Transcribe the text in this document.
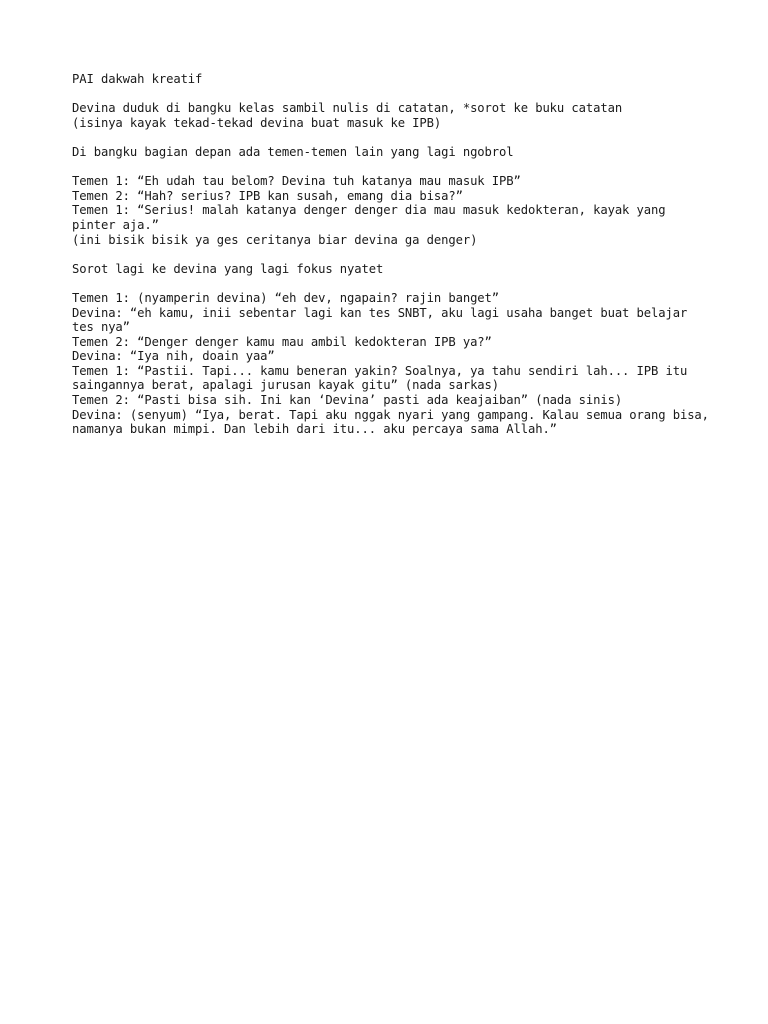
PAI dakwah kreatif
Devina duduk di bangku kelas sambil nulis di catatan, *sorot ke buku catatan
(isinya kayak tekad-tekad devina buat masuk ke IPB)
Di bangku bagian depan ada temen-temen lain yang lagi ngobrol
Temen 1: “Eh udah tau belom? Devina tuh katanya mau masuk IPB”
Temen 2: “Hah? serius? IPB kan susah, emang dia bisa?”
Temen 1: “Serius! malah katanya denger denger dia mau masuk kedokteran, kayak yang pinter aja.”
(ini bisik bisik ya ges ceritanya biar devina ga denger)
Sorot lagi ke devina yang lagi fokus nyatet
Temen 1: (nyamperin devina) “eh dev, ngapain? rajin banget”
Devina: “eh kamu, inii sebentar lagi kan tes SNBT, aku lagi usaha banget buat belajar tes nya”
Temen 2: “Denger denger kamu mau ambil kedokteran IPB ya?”
Devina: “Iya nih, doain yaa”
Temen 1: “Pastii. Tapi... kamu beneran yakin? Soalnya, ya tahu sendiri lah... IPB itu saingannya berat, apalagi jurusan kayak gitu” (nada sarkas)
Temen 2: “Pasti bisa sih. Ini kan ‘Devina’ pasti ada keajaiban” (nada sinis)
Devina: (senyum) “Iya, berat. Tapi aku nggak nyari yang gampang. Kalau semua orang bisa, namanya bukan mimpi. Dan lebih dari itu... aku percaya sama Allah.”
